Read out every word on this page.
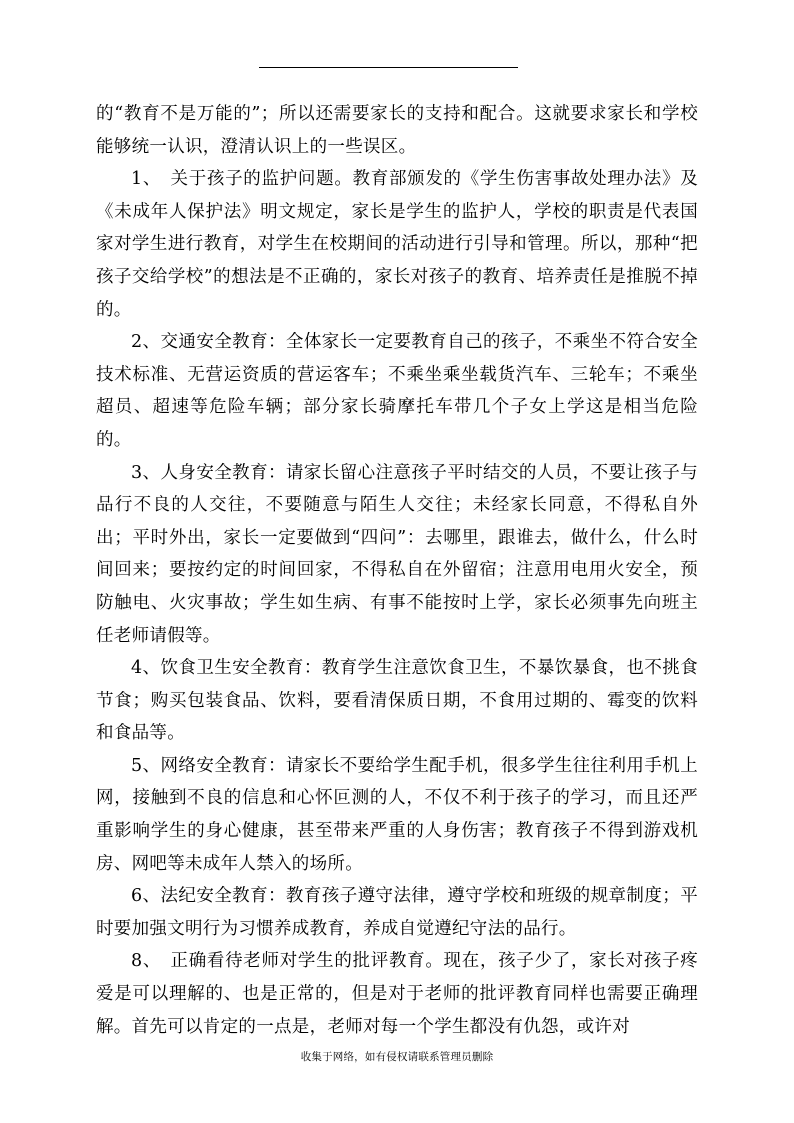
的“教育不是万能的”；所以还需要家长的支持和配合。这就要求家长和学校能够统一认识，澄清认识上的一些误区。

1、　关于孩子的监护问题。教育部颁发的《学生伤害事故处理办法》及《未成年人保护法》明文规定，家长是学生的监护人，学校的职责是代表国家对学生进行教育，对学生在校期间的活动进行引导和管理。所以，那种“把孩子交给学校”的想法是不正确的，家长对孩子的教育、培养责任是推脱不掉的。

2、交通安全教育：全体家长一定要教育自己的孩子，不乘坐不符合安全技术标准、无营运资质的营运客车；不乘坐乘坐载货汽车、三轮车；不乘坐超员、超速等危险车辆；部分家长骑摩托车带几个子女上学这是相当危险的。

3、人身安全教育：请家长留心注意孩子平时结交的人员，不要让孩子与品行不良的人交往，不要随意与陌生人交往；未经家长同意，不得私自外出；平时外出，家长一定要做到“四问”：去哪里，跟谁去，做什么，什么时间回来；要按约定的时间回家，不得私自在外留宿；注意用电用火安全，预防触电、火灾事故；学生如生病、有事不能按时上学，家长必须事先向班主任老师请假等。

4、饮食卫生安全教育：教育学生注意饮食卫生，不暴饮暴食，也不挑食节食；购买包装食品、饮料，要看清保质日期，不食用过期的、霉变的饮料和食品等。

5、网络安全教育：请家长不要给学生配手机，很多学生往往利用手机上网，接触到不良的信息和心怀叵测的人，不仅不利于孩子的学习，而且还严重影响学生的身心健康，甚至带来严重的人身伤害；教育孩子不得到游戏机房、网吧等未成年人禁入的场所。

6、法纪安全教育：教育孩子遵守法律，遵守学校和班级的规章制度；平时要加强文明行为习惯养成教育，养成自觉遵纪守法的品行。

8、　正确看待老师对学生的批评教育。现在，孩子少了，家长对孩子疼爱是可以理解的、也是正常的，但是对于老师的批评教育同样也需要正确理解。首先可以肯定的一点是，老师对每一个学生都没有仇怨，或许对

收集于网络，如有侵权请联系管理员删除
